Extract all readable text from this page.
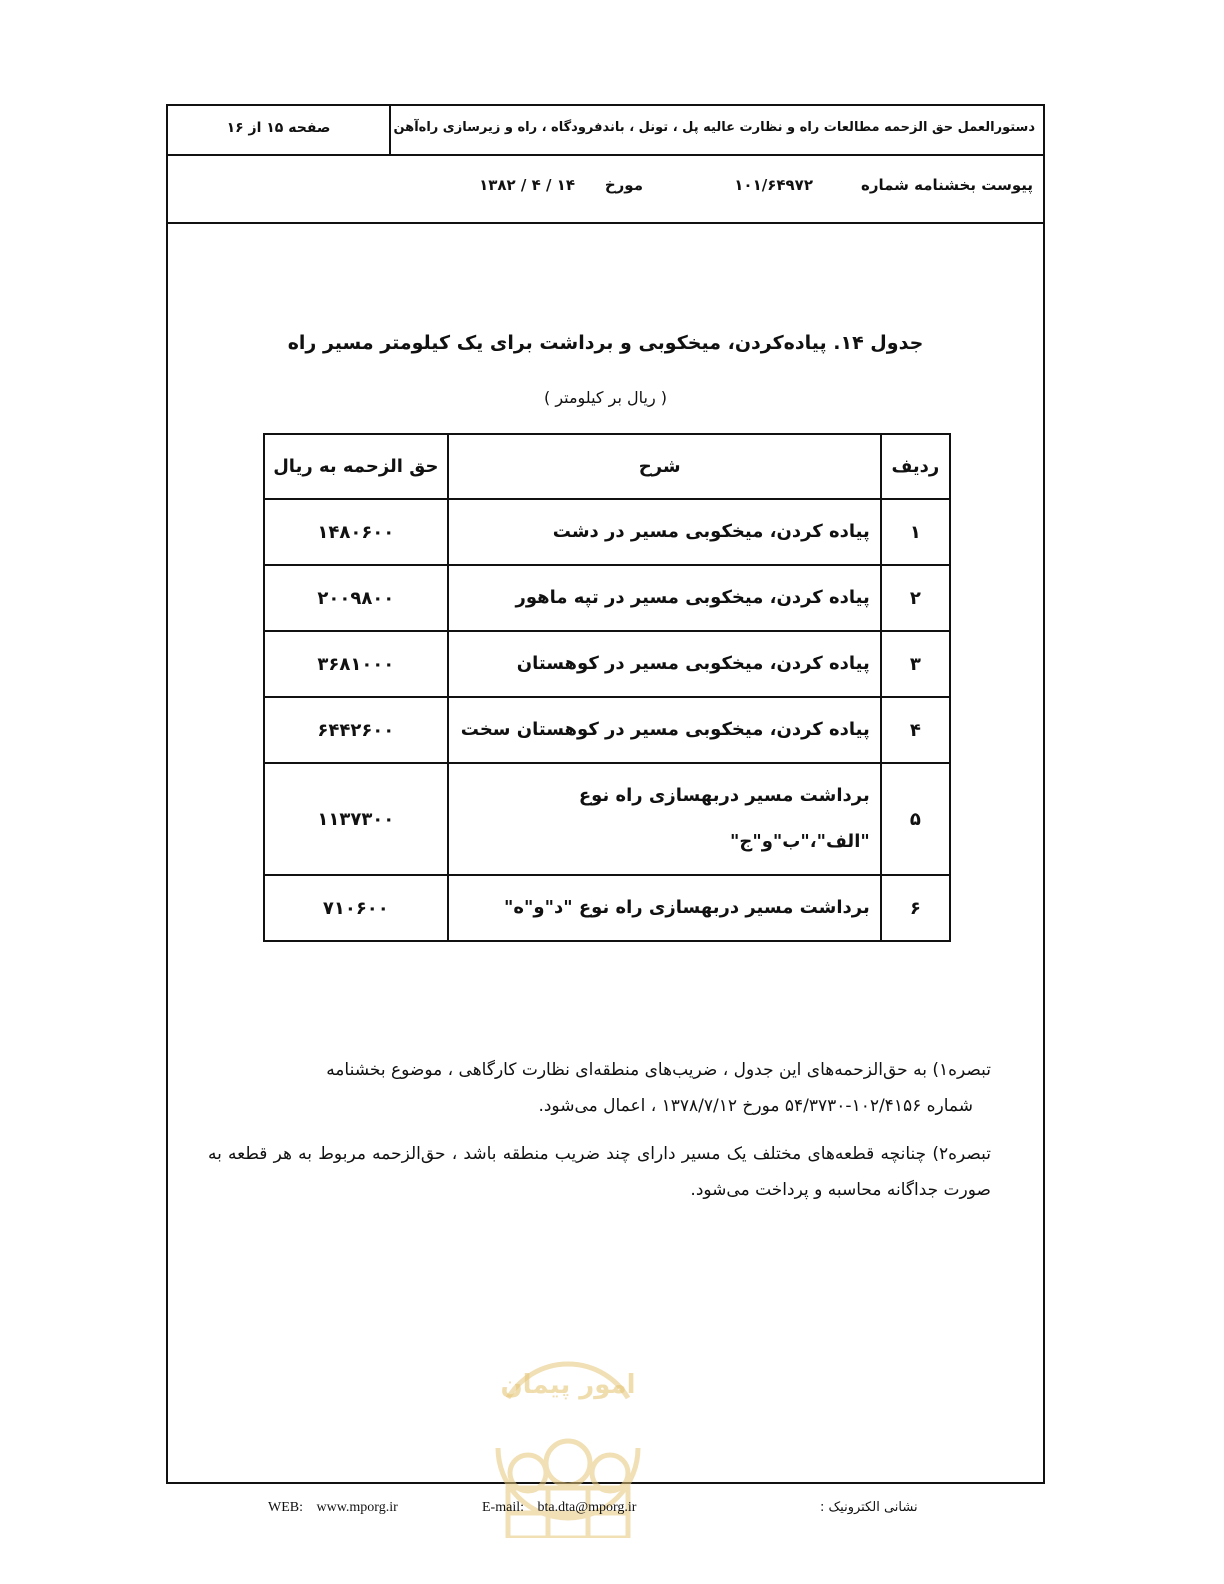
دستورالعمل حق الزحمه مطالعات راه و نظارت عالیه پل ، تونل ، باندفرودگاه ، راه و زیرسازی راه‌آهن
صفحه ۱۵ از ۱۶
پیوست بخشنامه شماره
۱۰۱/۶۴۹۷۲
مورخ
۱۳۸۲ / ۴ / ۱۴
جدول ۱۴. پیاده‌کردن، میخکوبی و برداشت برای یک کیلومتر مسیر راه
( ریال بر کیلومتر )
ردیف	شرح	حق الزحمه به ریال
۱	پیاده کردن، میخکوبی مسیر در دشت	۱۴۸۰۶۰۰
۲	پیاده کردن، میخکوبی مسیر در تپه ماهور	۲۰۰۹۸۰۰
۳	پیاده کردن، میخکوبی مسیر در کوهستان	۳۶۸۱۰۰۰
۴	پیاده کردن، میخکوبی مسیر در کوهستان سخت	۶۴۴۲۶۰۰
۵	برداشت مسیر دربهسازی راه نوع
"الف"،"ب"و"ج"	۱۱۳۷۳۰۰
۶	برداشت مسیر دربهسازی راه نوع "د"و"ه"	۷۱۰۶۰۰

تبصره۱) به حق‌الزحمه‌های این جدول ، ضریب‌های منطقه‌ای نظارت کارگاهی ، موضوع بخشنامه
شماره ۱۰۲/۴۱۵۶-۵۴/۳۷۳۰ مورخ ۱۳۷۸/۷/۱۲ ، اعمال می‌شود.

تبصره۲) چنانچه قطعه‌های مختلف یک مسیر دارای چند ضریب منطقه باشد ، حق‌الزحمه مربوط به هر قطعه به صورت جداگانه محاسبه و پرداخت می‌شود.

امور پیمان
WEB: www.mporg.ir	E-mail: bta.dta@mporg.ir	نشانی الکترونیک :
